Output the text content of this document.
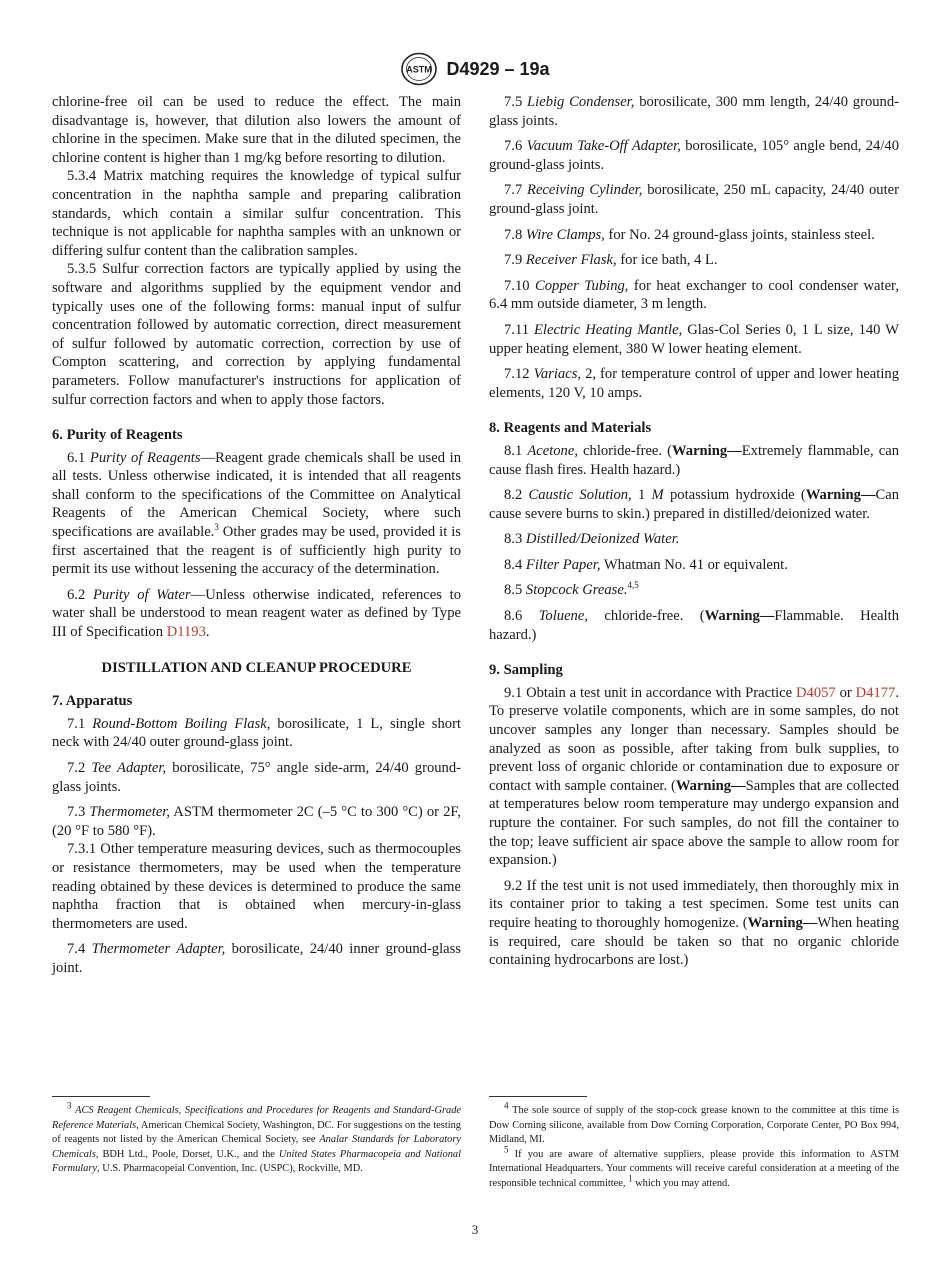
ASTM D4929 – 19a

chlorine-free oil can be used to reduce the effect. The main disadvantage is, however, that dilution also lowers the amount of chlorine in the specimen. Make sure that in the diluted specimen, the chlorine content is higher than 1 mg/kg before resorting to dilution.

5.3.4 Matrix matching requires the knowledge of typical sulfur concentration in the naphtha sample and preparing calibration standards, which contain a similar sulfur concentration. This technique is not applicable for naphtha samples with an unknown or differing sulfur content than the calibration samples.

5.3.5 Sulfur correction factors are typically applied by using the software and algorithms supplied by the equipment vendor and typically uses one of the following forms: manual input of sulfur concentration followed by automatic correction, direct measurement of sulfur followed by automatic correction, correction by use of Compton scattering, and correction by applying fundamental parameters. Follow manufacturer's instructions for application of sulfur correction factors and when to apply those factors.

6. Purity of Reagents

6.1 Purity of Reagents—Reagent grade chemicals shall be used in all tests. Unless otherwise indicated, it is intended that all reagents shall conform to the specifications of the Committee on Analytical Reagents of the American Chemical Society, where such specifications are available.$^3$ Other grades may be used, provided it is first ascertained that the reagent is of sufficiently high purity to permit its use without lessening the accuracy of the determination.

6.2 Purity of Water—Unless otherwise indicated, references to water shall be understood to mean reagent water as defined by Type III of Specification D1193.

DISTILLATION AND CLEANUP PROCEDURE

7. Apparatus

7.1 Round-Bottom Boiling Flask, borosilicate, 1 L, single short neck with 24/40 outer ground-glass joint.

7.2 Tee Adapter, borosilicate, 75° angle side-arm, 24/40 ground-glass joints.

7.3 Thermometer, ASTM thermometer 2C (–5 °C to 300 °C) or 2F, (20 °F to 580 °F).

7.3.1 Other temperature measuring devices, such as thermocouples or resistance thermometers, may be used when the temperature reading obtained by these devices is determined to produce the same naphtha fraction that is obtained when mercury-in-glass thermometers are used.

7.4 Thermometer Adapter, borosilicate, 24/40 inner ground-glass joint.

7.5 Liebig Condenser, borosilicate, 300 mm length, 24/40 ground-glass joints.

7.6 Vacuum Take-Off Adapter, borosilicate, 105° angle bend, 24/40 ground-glass joints.

7.7 Receiving Cylinder, borosilicate, 250 mL capacity, 24/40 outer ground-glass joint.

7.8 Wire Clamps, for No. 24 ground-glass joints, stainless steel.

7.9 Receiver Flask, for ice bath, 4 L.

7.10 Copper Tubing, for heat exchanger to cool condenser water, 6.4 mm outside diameter, 3 m length.

7.11 Electric Heating Mantle, Glas-Col Series 0, 1 L size, 140 W upper heating element, 380 W lower heating element.

7.12 Variacs, 2, for temperature control of upper and lower heating elements, 120 V, 10 amps.

8. Reagents and Materials

8.1 Acetone, chloride-free. (Warning—Extremely flammable, can cause flash fires. Health hazard.)

8.2 Caustic Solution, 1 M potassium hydroxide (Warning—Can cause severe burns to skin.) prepared in distilled/deionized water.

8.3 Distilled/Deionized Water.

8.4 Filter Paper, Whatman No. 41 or equivalent.

8.5 Stopcock Grease.$^{4,5}$

8.6 Toluene, chloride-free. (Warning—Flammable. Health hazard.)

9. Sampling

9.1 Obtain a test unit in accordance with Practice D4057 or D4177. To preserve volatile components, which are in some samples, do not uncover samples any longer than necessary. Samples should be analyzed as soon as possible, after taking from bulk supplies, to prevent loss of organic chloride or contamination due to exposure or contact with sample container. (Warning—Samples that are collected at temperatures below room temperature may undergo expansion and rupture the container. For such samples, do not fill the container to the top; leave sufficient air space above the sample to allow room for expansion.)

9.2 If the test unit is not used immediately, then thoroughly mix in its container prior to taking a test specimen. Some test units can require heating to thoroughly homogenize. (Warning—When heating is required, care should be taken so that no organic chloride containing hydrocarbons are lost.)

$^3$ ACS Reagent Chemicals, Specifications and Procedures for Reagents and Standard-Grade Reference Materials, American Chemical Society, Washington, DC. For suggestions on the testing of reagents not listed by the American Chemical Society, see Analar Standards for Laboratory Chemicals, BDH Ltd., Poole, Dorset, U.K., and the United States Pharmacopeia and National Formulary, U.S. Pharmacopeial Convention, Inc. (USPC), Rockville, MD.

$^4$ The sole source of supply of the stop-cock grease known to the committee at this time is Dow Corning silicone, available from Dow Corning Corporation, Corporate Center, PO Box 994, Midland, MI.

$^5$ If you are aware of alternative suppliers, please provide this information to ASTM International Headquarters. Your comments will receive careful consideration at a meeting of the responsible technical committee, $^1$ which you may attend.

3
